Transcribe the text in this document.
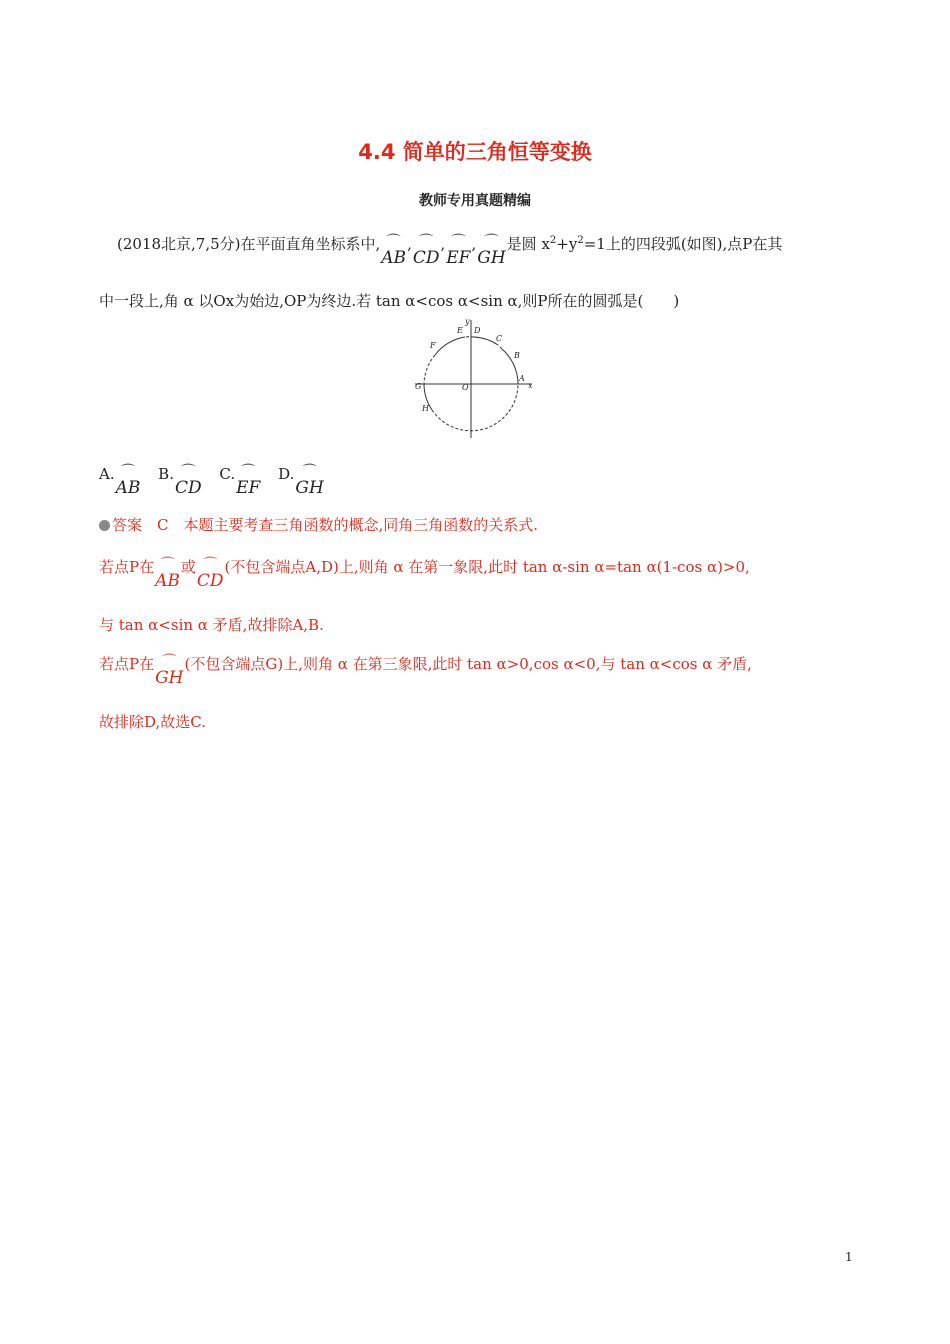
4.4 简单的三角恒等变换
教师专用真题精编
(2018北京,7,5分)在平面直角坐标系中,⌒ AB,⌒ CD,⌒ EF,⌒ GH是圆 $x^2+y^2=1$上的四段弧(如图),点P在其
中一段上,角 α 以Ox为始边,OP为终边.若 tan α<cos α<sin α,则P所在的圆弧是(　　)
y
x
O
A
B
C
D
E
F
G
H
A.⌒ AB B.⌒ CD C.⌒ EF D.⌒ GH
答案　C　本题主要考查三角函数的概念,同角三角函数的关系式.
若点P在⌒ AB或⌒ CD(不包含端点A,D)上,则角 α 在第一象限,此时 tan α-sin α=tan α(1-cos α)>0,
与 tan α<sin α 矛盾,故排除A,B.
若点P在⌒ GH(不包含端点G)上,则角 α 在第三象限,此时 tan α>0,cos α<0,与 tan α<cos α 矛盾,
故排除D,故选C.
1
